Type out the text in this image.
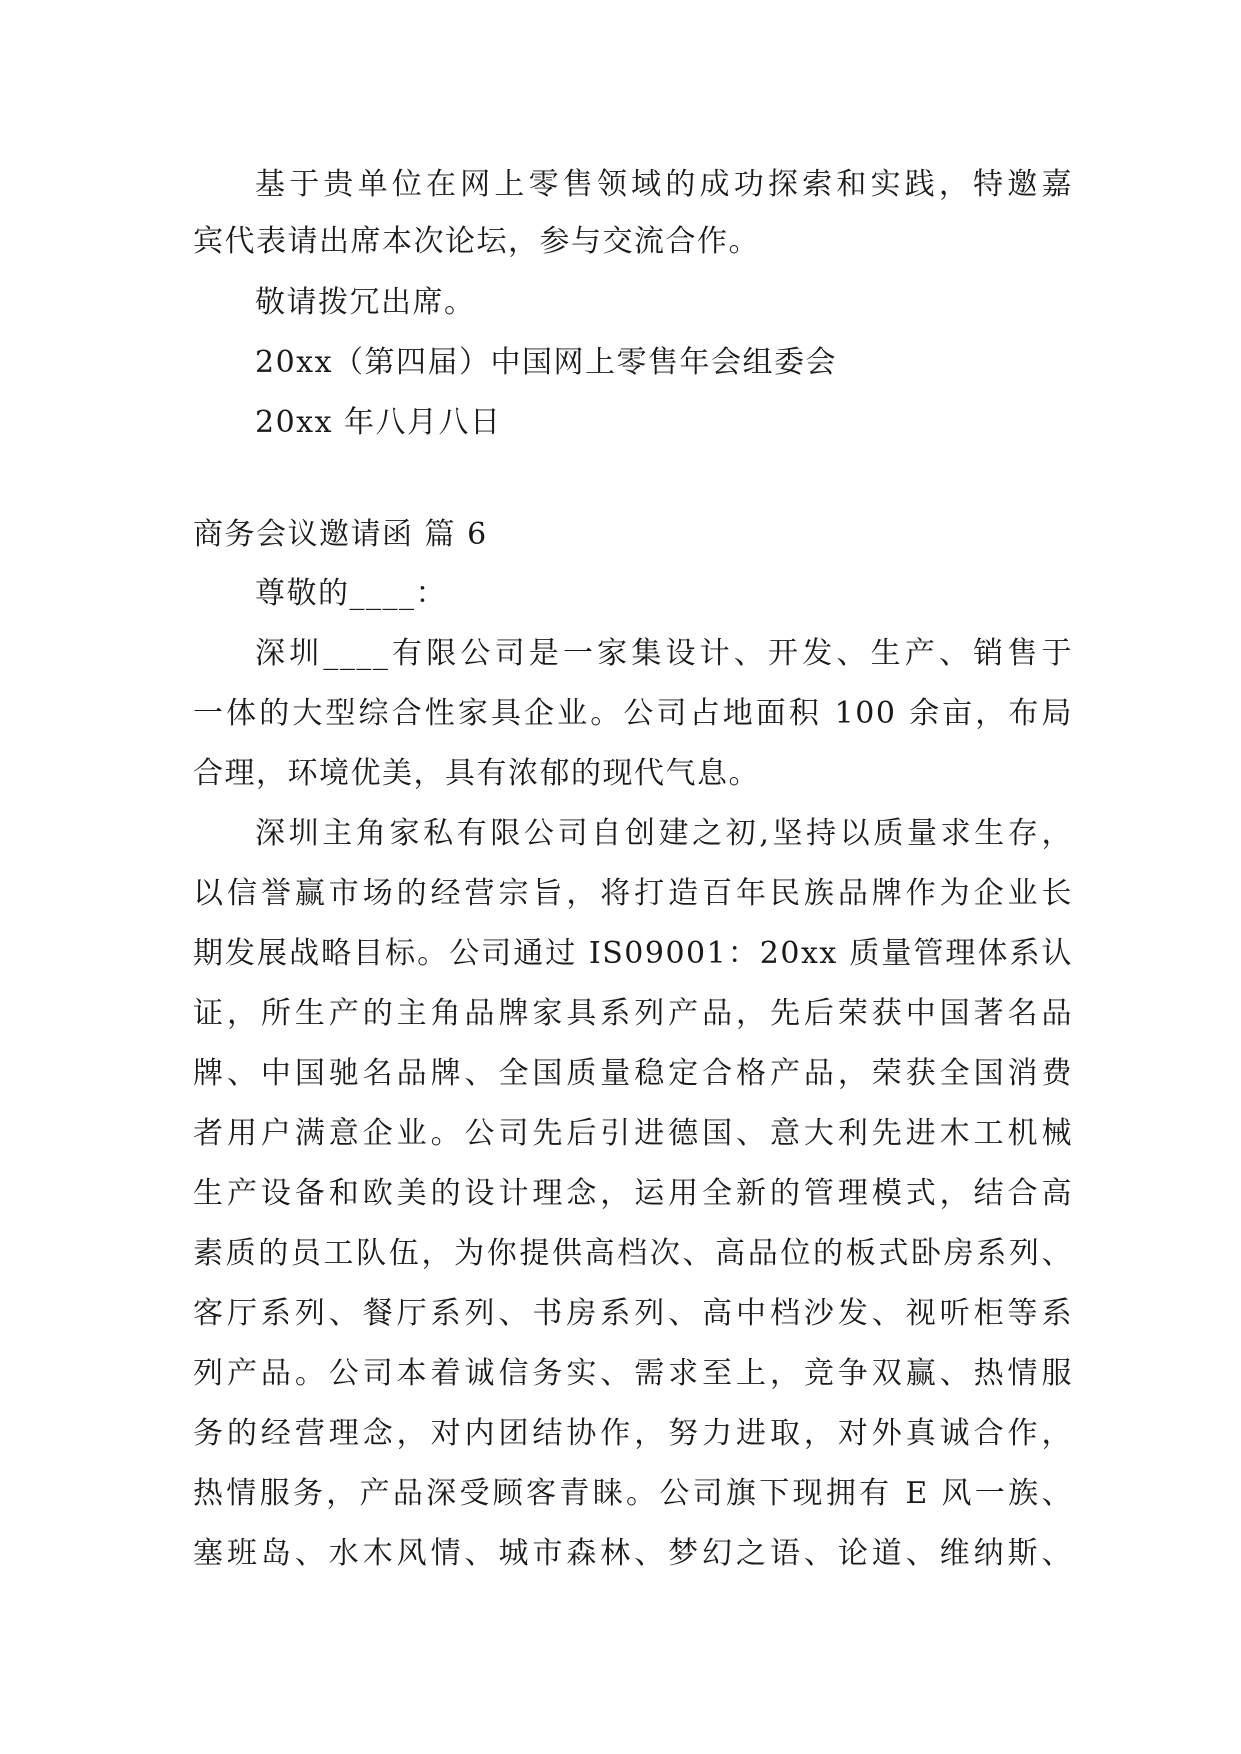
基于贵单位在网上零售领域的成功探索和实践，特邀嘉
宾代表请出席本次论坛，参与交流合作。
敬请拨冗出席。
20xx（第四届）中国网上零售年会组委会
20xx 年八月八日
商务会议邀请函 篇 6
尊敬的____：
深圳____有限公司是一家集设计、开发、生产、销售于
一体的大型综合性家具企业。公司占地面积 100 余亩，布局
合理，环境优美，具有浓郁的现代气息。
深圳主角家私有限公司自创建之初,坚持以质量求生存，
以信誉赢市场的经营宗旨，将打造百年民族品牌作为企业长
期发展战略目标。公司通过 IS09001：20xx 质量管理体系认
证，所生产的主角品牌家具系列产品，先后荣获中国著名品
牌、中国驰名品牌、全国质量稳定合格产品，荣获全国消费
者用户满意企业。公司先后引进德国、意大利先进木工机械
生产设备和欧美的设计理念，运用全新的管理模式，结合高
素质的员工队伍，为你提供高档次、高品位的板式卧房系列、
客厅系列、餐厅系列、书房系列、高中档沙发、视听柜等系
列产品。公司本着诚信务实、需求至上，竞争双赢、热情服
务的经营理念，对内团结协作，努力进取，对外真诚合作，
热情服务，产品深受顾客青睐。公司旗下现拥有 E 风一族、
塞班岛、水木风情、城市森林、梦幻之语、论道、维纳斯、
